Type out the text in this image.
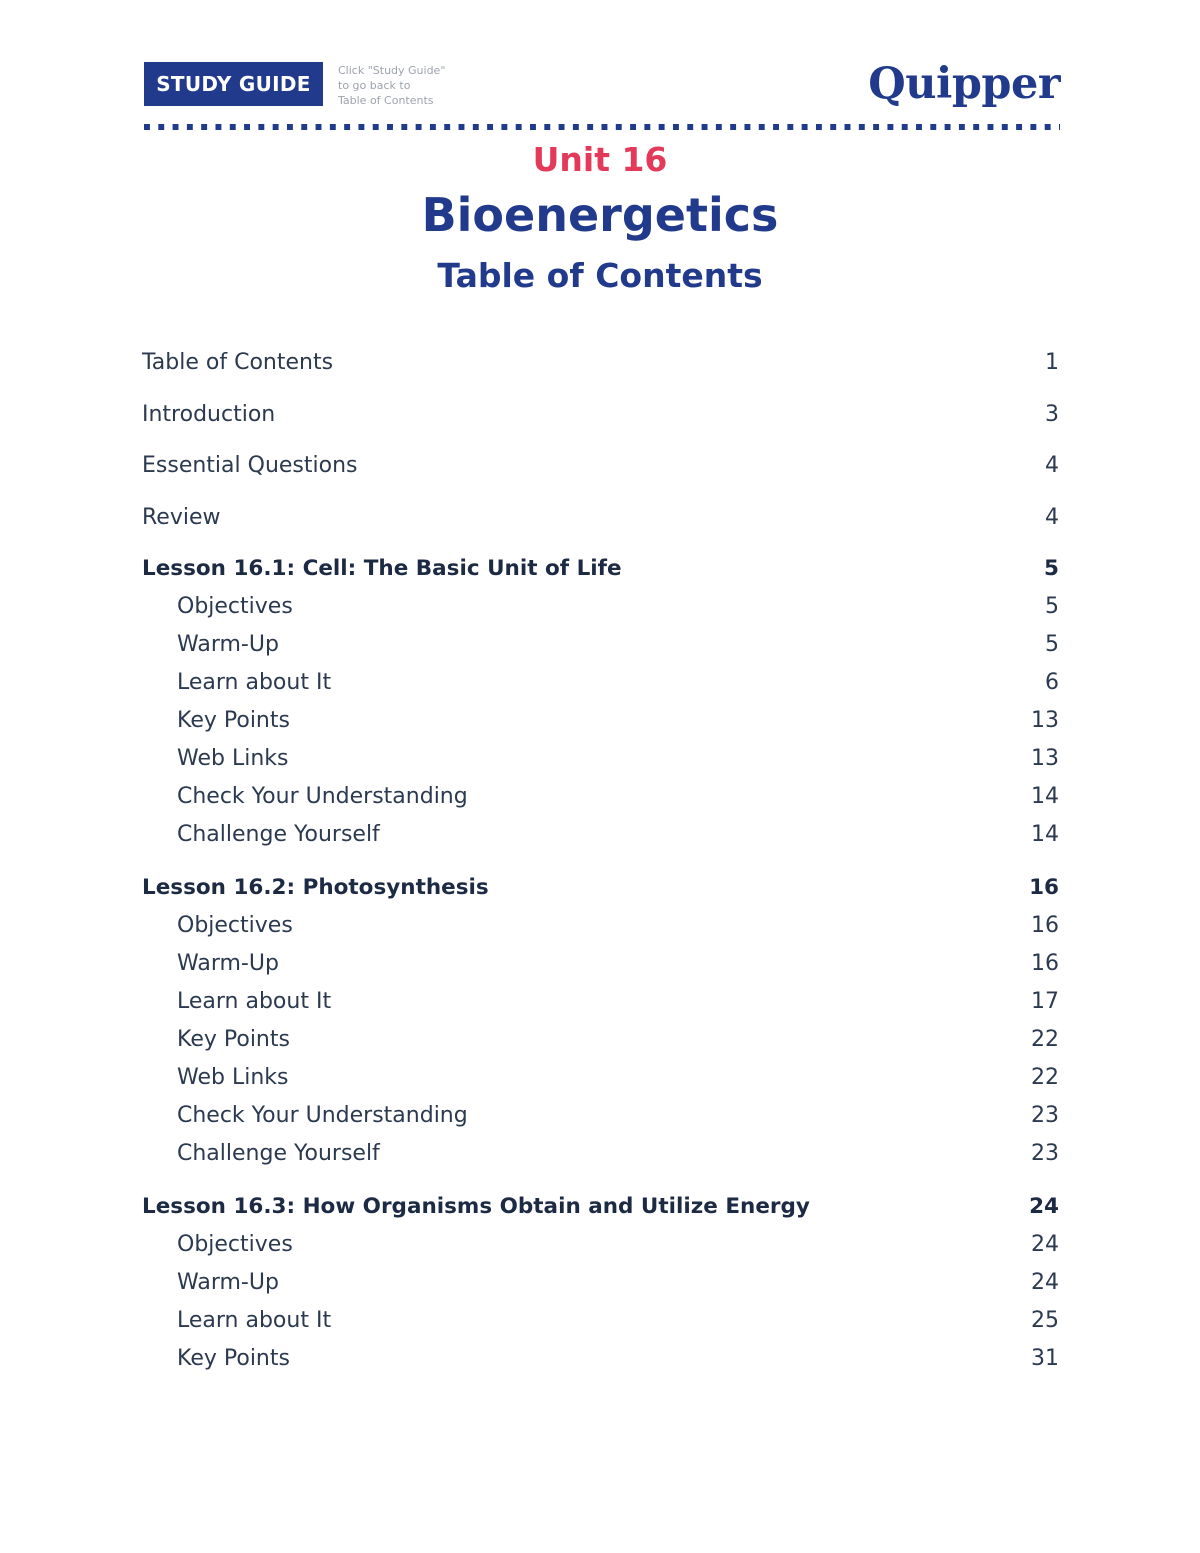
STUDY GUIDE
Click "Study Guide"
to go back to
Table of Contents	Quipper
Unit 16
Bioenergetics
Table of Contents
Table of Contents	1
Introduction	3
Essential Questions	4
Review	4
Lesson 16.1: Cell: The Basic Unit of Life	5
Objectives	5
Warm-Up	5
Learn about It	6
Key Points	13
Web Links	13
Check Your Understanding	14
Challenge Yourself	14
Lesson 16.2: Photosynthesis	16
Objectives	16
Warm-Up	16
Learn about It	17
Key Points	22
Web Links	22
Check Your Understanding	23
Challenge Yourself	23
Lesson 16.3: How Organisms Obtain and Utilize Energy	24
Objectives	24
Warm-Up	24
Learn about It	25
Key Points	31
